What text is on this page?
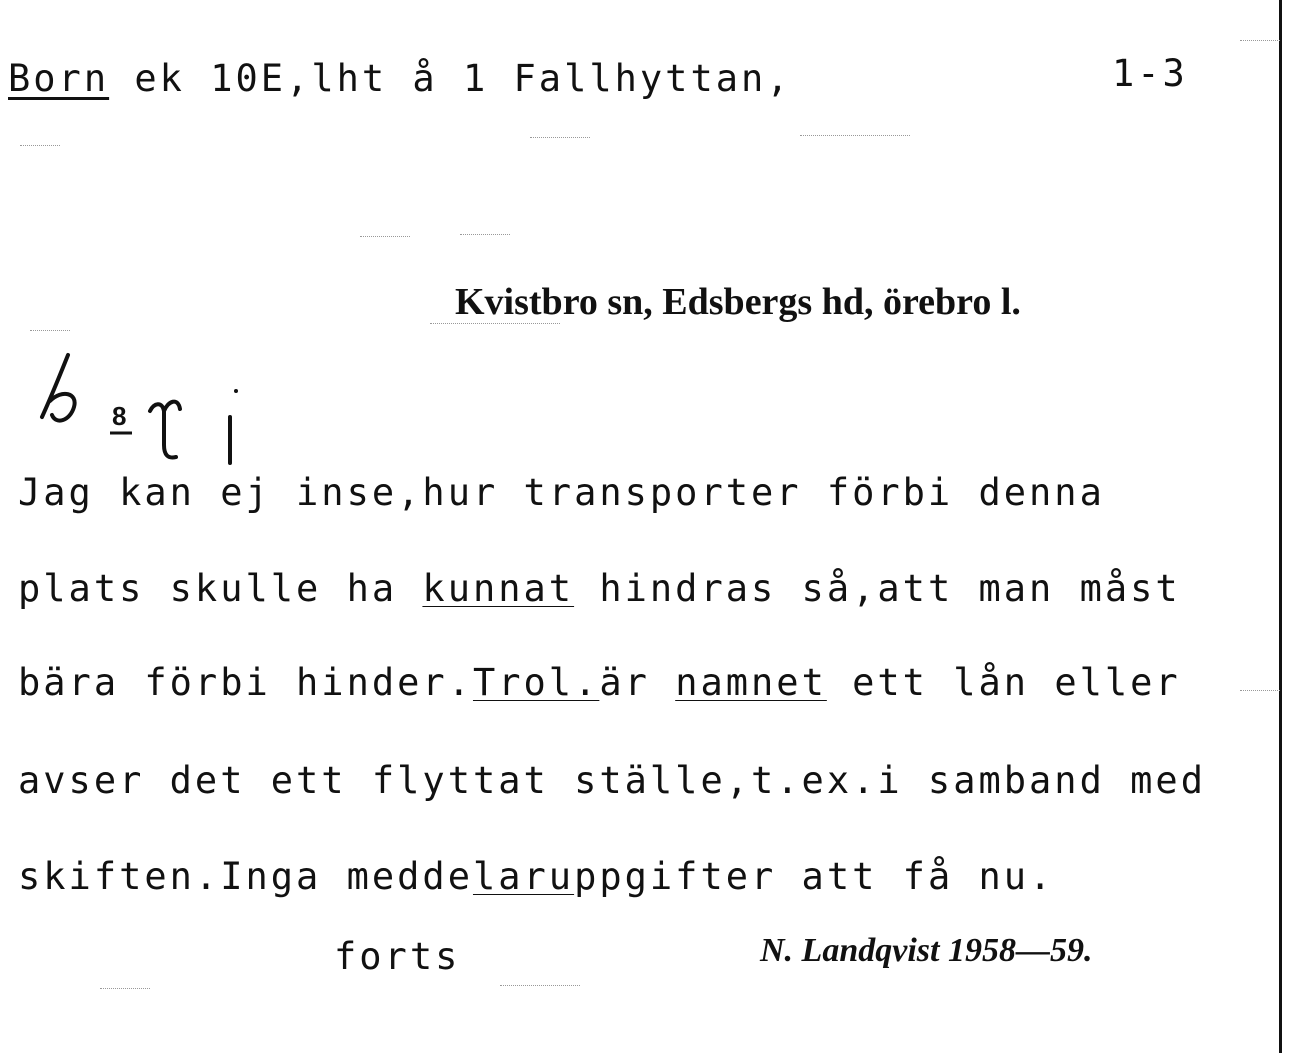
Born ek 10E,lht å 1 Fallhyttan,	1-3
Kvistbro sn, Edsbergs hd, örebro l.
8
Jag kan ej inse,hur transporter förbi denna
plats skulle ha kunnat hindras så,att man måst
bära förbi hinder.Trol.är namnet ett lån eller
avser det ett flyttat ställe,t.ex.i samband med
skiften.Inga meddelaruppgifter att få nu.
forts	N. Landqvist 1958—59.
